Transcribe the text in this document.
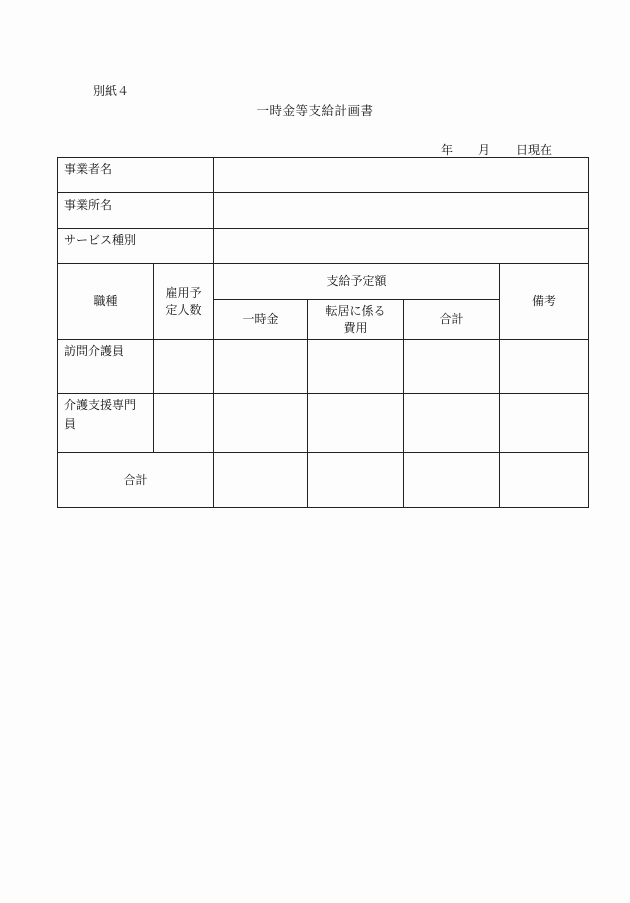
別紙４
一時金等支給計画書
年 月 日現在
事業者名
事業所名
サービス種別
職種
雇用予
定人数
支給予定額
一時金
転居に係る
費用
合計
備考
訪問介護員
介護支援専門
員
合計
